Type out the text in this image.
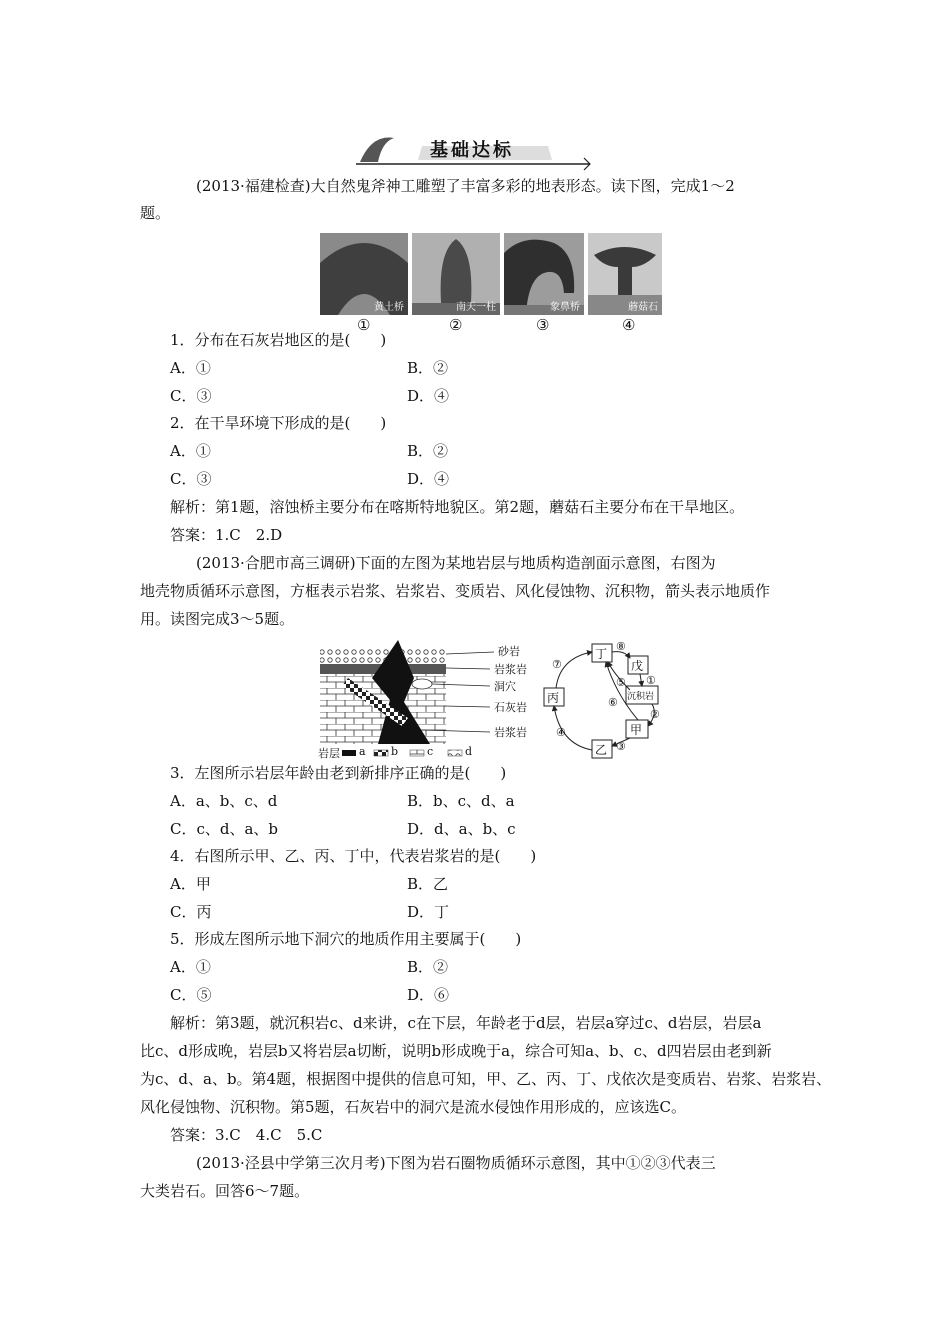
基础达标
(2013·福建检查)大自然鬼斧神工雕塑了丰富多彩的地表形态。读下图，完成1～2
题。
黄土桥	南天一柱	象鼻桥	蘑菇石
①	②	③	④
1．分布在石灰岩地区的是(　　)
A．①	B．②
C．③	D．④
2．在干旱环境下形成的是(　　)
A．①	B．②
C．③	D．④
解析：第1题，溶蚀桥主要分布在喀斯特地貌区。第2题，蘑菇石主要分布在干旱地区。
答案：1.C　2.D
(2013·合肥市高三调研)下面的左图为某地岩层与地质构造剖面示意图，右图为
地壳物质循环示意图，方框表示岩浆、岩浆岩、变质岩、风化侵蚀物、沉积物，箭头表示地质作
用。读图完成3～5题。
砂岩
岩浆岩
洞穴
石灰岩
岩浆岩
岩层 a b	c	d
丁
戊
沉积岩
丙
甲
乙
⑧
①
⑤
⑥
⑦
②
③
④
3．左图所示岩层年龄由老到新排序正确的是(　　)
A．a、b、c、d	B．b、c、d、a
C．c、d、a、b	D．d、a、b、c
4．右图所示甲、乙、丙、丁中，代表岩浆岩的是(　　)
A．甲	B．乙
C．丙	D．丁
5．形成左图所示地下洞穴的地质作用主要属于(　　)
A．①	B．②
C．⑤	D．⑥
解析：第3题，就沉积岩c、d来讲，c在下层，年龄老于d层，岩层a穿过c、d岩层，岩层a
比c、d形成晚，岩层b又将岩层a切断，说明b形成晚于a，综合可知a、b、c、d四岩层由老到新
为c、d、a、b。第4题，根据图中提供的信息可知，甲、乙、丙、丁、戊依次是变质岩、岩浆、岩浆岩、
风化侵蚀物、沉积物。第5题，石灰岩中的洞穴是流水侵蚀作用形成的，应该选C。
答案：3.C　4.C　5.C
(2013·泾县中学第三次月考)下图为岩石圈物质循环示意图，其中①②③代表三
大类岩石。回答6～7题。
